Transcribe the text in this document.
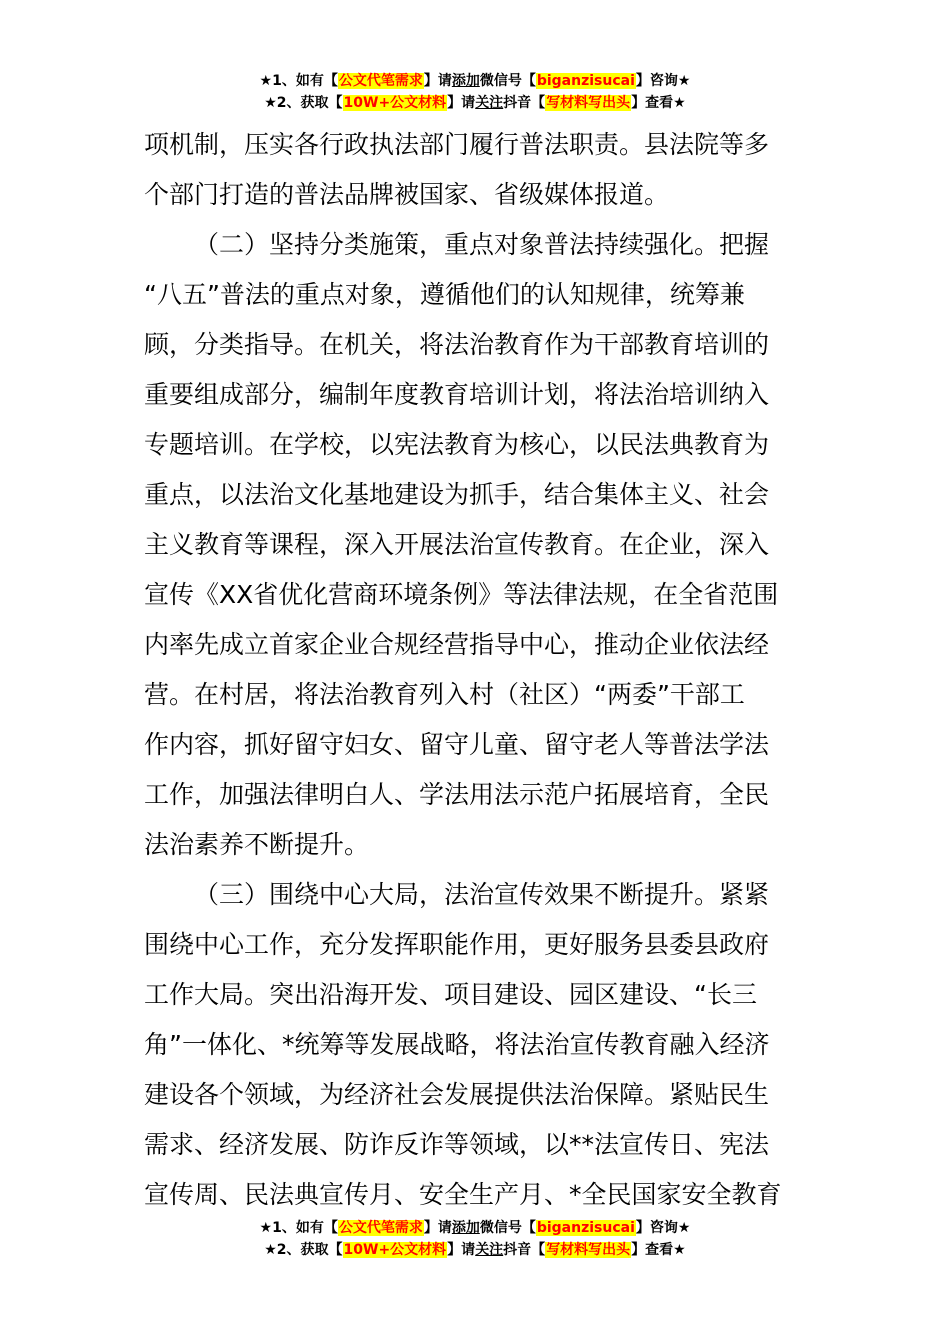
★1、如有【公文代笔需求】请添加微信号【biganzisucai】咨询★
★2、获取【10W+公文材料】请关注抖音【写材料写出头】查看★
项机制，压实各行政执法部门履行普法职责。县法院等多
个部门打造的普法品牌被国家、省级媒体报道。
（二）坚持分类施策，重点对象普法持续强化。把握
“八五”普法的重点对象，遵循他们的认知规律，统筹兼
顾，分类指导。在机关，将法治教育作为干部教育培训的
重要组成部分，编制年度教育培训计划，将法治培训纳入
专题培训。在学校，以宪法教育为核心，以民法典教育为
重点，以法治文化基地建设为抓手，结合集体主义、社会
主义教育等课程，深入开展法治宣传教育。在企业，深入
宣传《XX省优化营商环境条例》等法律法规，在全省范围
内率先成立首家企业合规经营指导中心，推动企业依法经
营。在村居，将法治教育列入村（社区）“两委”干部工
作内容，抓好留守妇女、留守儿童、留守老人等普法学法
工作，加强法律明白人、学法用法示范户拓展培育，全民
法治素养不断提升。
（三）围绕中心大局，法治宣传效果不断提升。紧紧
围绕中心工作，充分发挥职能作用，更好服务县委县政府
工作大局。突出沿海开发、项目建设、园区建设、“长三
角”一体化、*统筹等发展战略，将法治宣传教育融入经济
建设各个领域，为经济社会发展提供法治保障。紧贴民生
需求、经济发展、防诈反诈等领域，以**法宣传日、宪法
宣传周、民法典宣传月、安全生产月、*全民国家安全教育
★1、如有【公文代笔需求】请添加微信号【biganzisucai】咨询★
★2、获取【10W+公文材料】请关注抖音【写材料写出头】查看★
